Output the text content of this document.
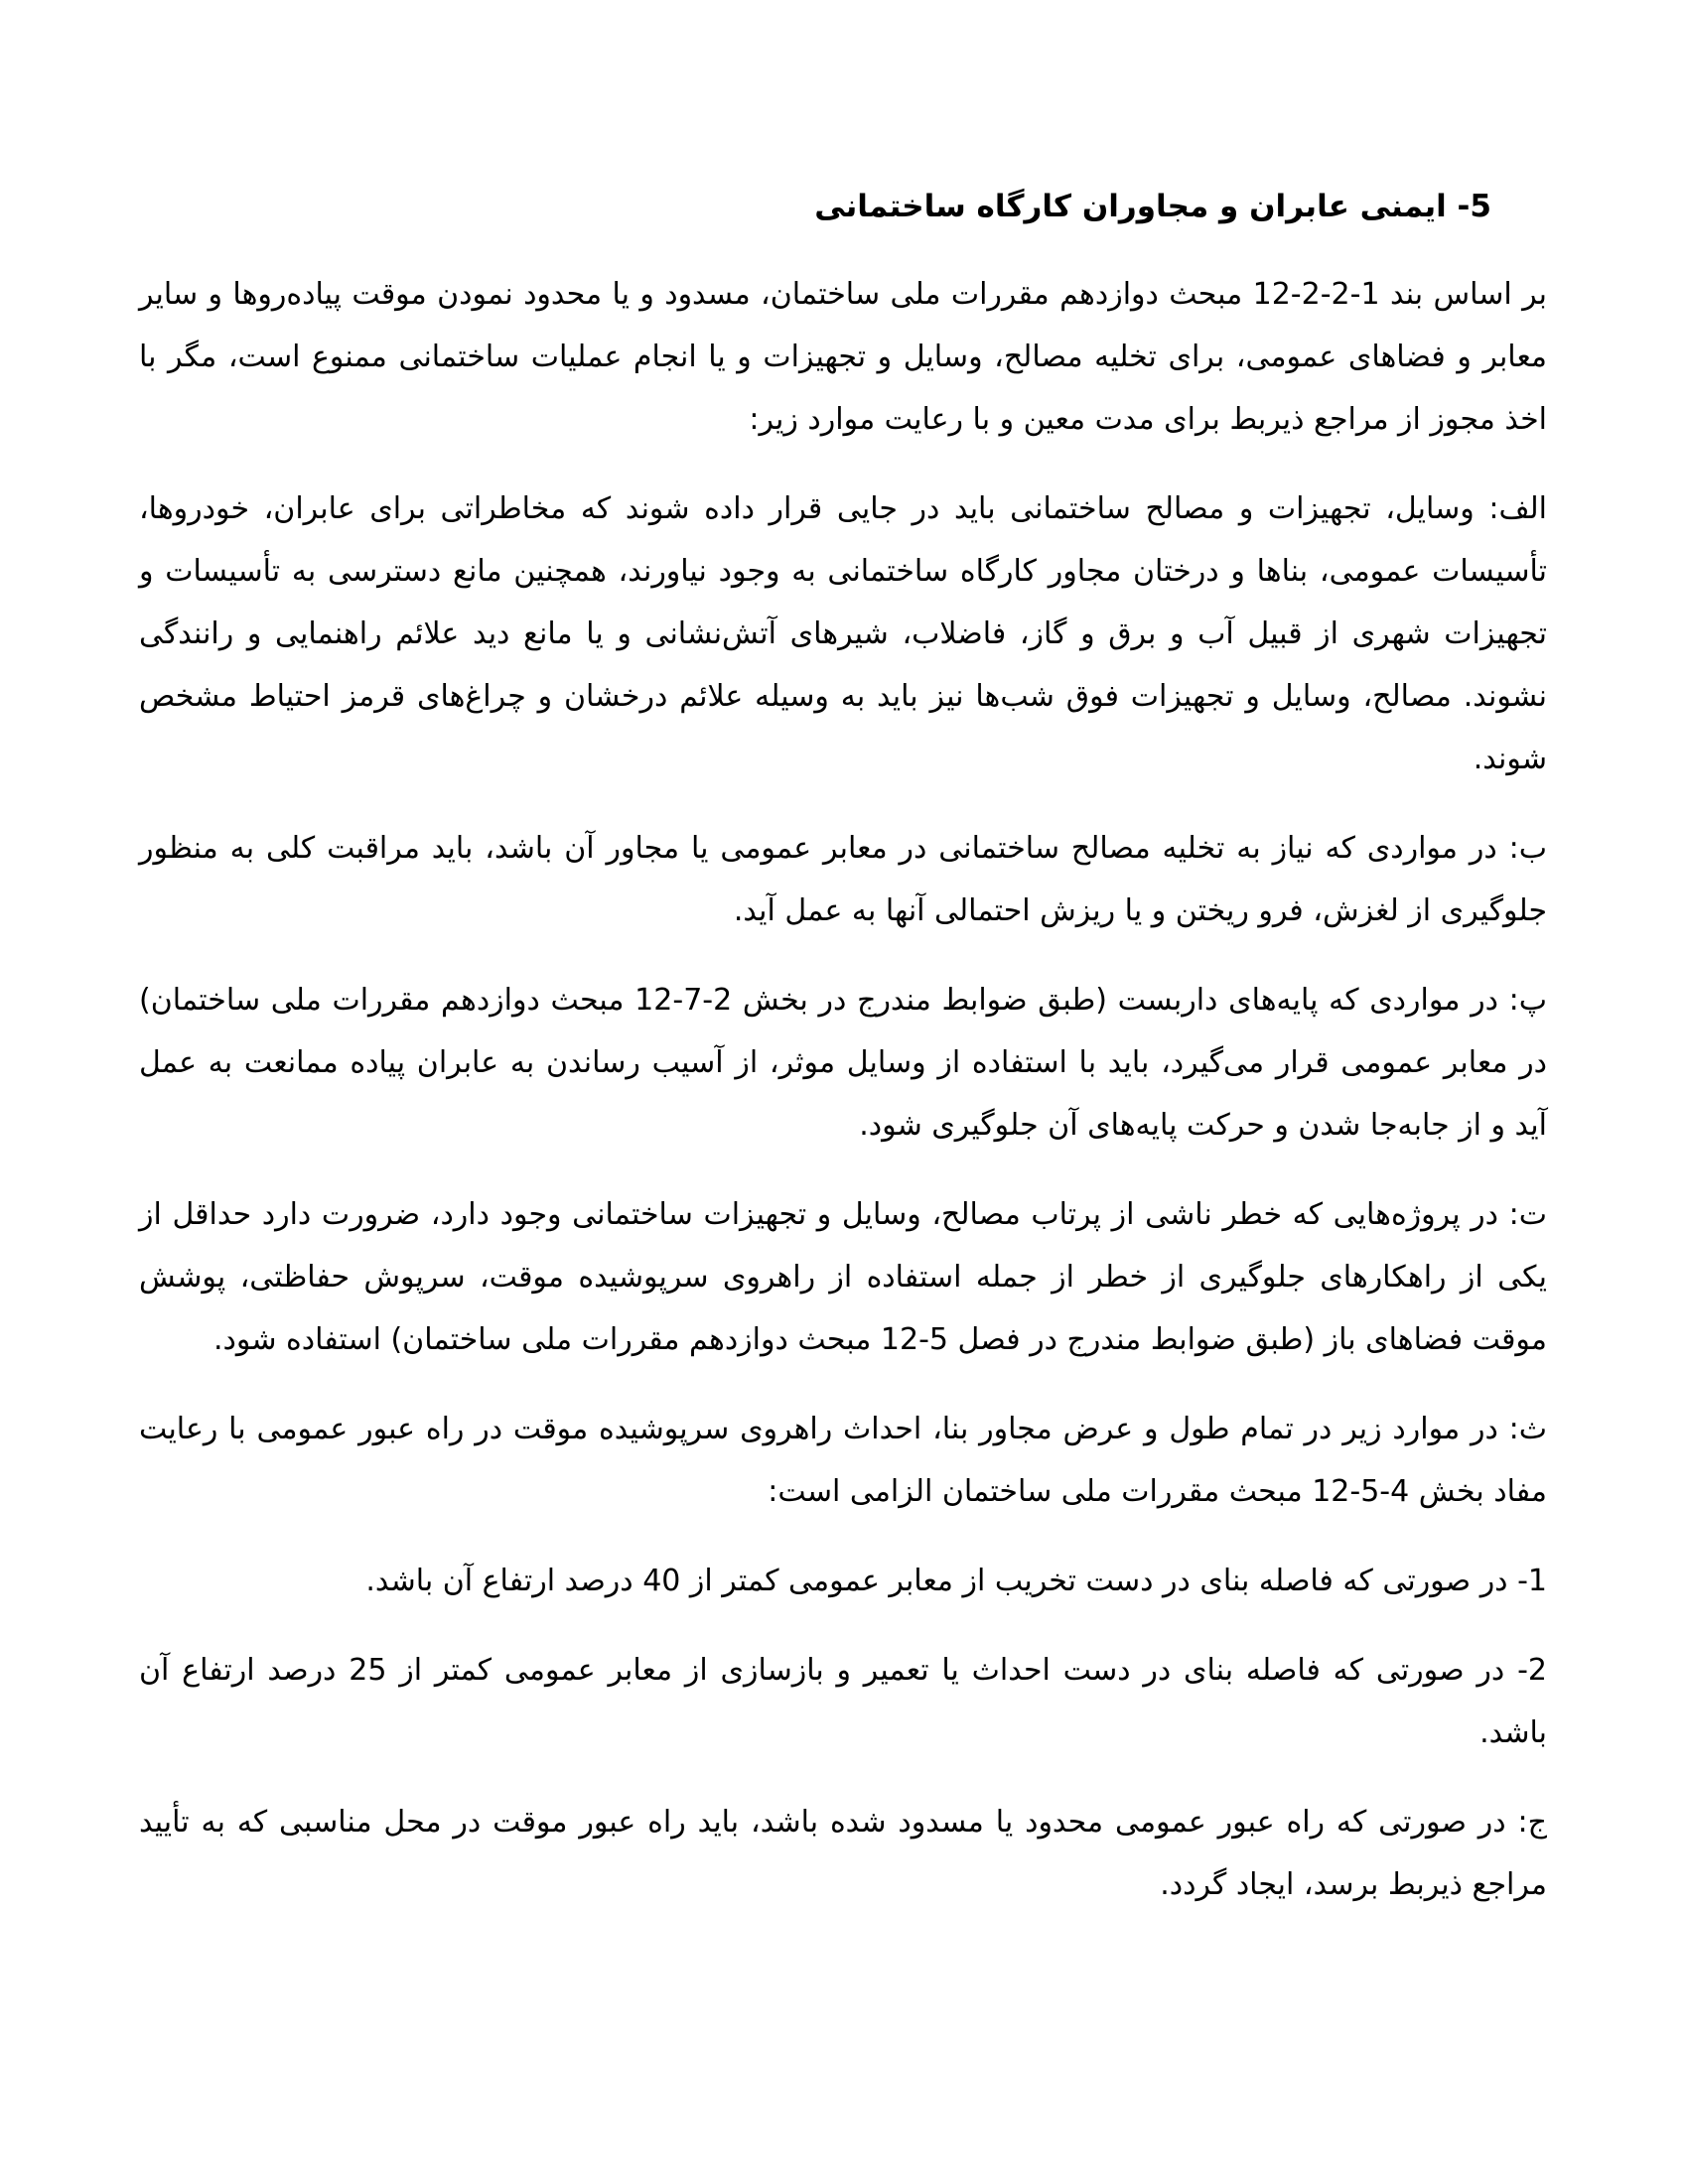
5- ایمنی عابران و مجاوران کارگاه ساختمانی

بر اساس بند 1-2-2-12 مبحث دوازدهم مقررات ملی ساختمان، مسدود و یا محدود نمودن موقت پیاده‌روها و سایر معابر و فضاهای عمومی، برای تخلیه مصالح، وسایل و تجهیزات و یا انجام عملیات ساختمانی ممنوع است، مگر با اخذ مجوز از مراجع ذیربط برای مدت معین و با رعایت موارد زیر:

الف: وسایل، تجهیزات و مصالح ساختمانی باید در جایی قرار داده شوند که مخاطراتی برای عابران، خودروها، تأسیسات عمومی، بناها و درختان مجاور کارگاه ساختمانی به وجود نیاورند، همچنین مانع دسترسی به تأسیسات و تجهیزات شهری از قبیل آب و برق و گاز، فاضلاب، شیرهای آتش‌نشانی و یا مانع دید علائم راهنمایی و رانندگی نشوند. مصالح، وسایل و تجهیزات فوق شب‌ها نیز باید به وسیله علائم درخشان و چراغ‌های قرمز احتیاط مشخص شوند.

ب: در مواردی که نیاز به تخلیه مصالح ساختمانی در معابر عمومی یا مجاور آن باشد، باید مراقبت کلی به منظور جلوگیری از لغزش، فرو ریختن و یا ریزش احتمالی آنها به عمل آید.

پ: در مواردی که پایه‌های داربست (طبق ضوابط مندرج در بخش 2-7-12 مبحث دوازدهم مقررات ملی ساختمان) در معابر عمومی قرار می‌گیرد، باید با استفاده از وسایل موثر، از آسیب رساندن به عابران پیاده ممانعت به عمل آید و از جابه‌جا شدن و حرکت پایه‌های آن جلوگیری شود.

ت: در پروژه‌هایی که خطر ناشی از پرتاب مصالح، وسایل و تجهیزات ساختمانی وجود دارد، ضرورت دارد حداقل از یکی از راهکارهای جلوگیری از خطر از جمله استفاده از راهروی سرپوشیده موقت، سرپوش حفاظتی، پوشش موقت فضاهای باز (طبق ضوابط مندرج در فصل 5-12 مبحث دوازدهم مقررات ملی ساختمان) استفاده شود.

ث: در موارد زیر در تمام طول و عرض مجاور بنا، احداث راهروی سرپوشیده موقت در راه عبور عمومی با رعایت مفاد بخش 4-5-12 مبحث مقررات ملی ساختمان الزامی است:

1- در صورتی که فاصله بنای در دست تخریب از معابر عمومی کمتر از 40 درصد ارتفاع آن باشد.

2- در صورتی که فاصله بنای در دست احداث یا تعمیر و بازسازی از معابر عمومی کمتر از 25 درصد ارتفاع آن باشد.

ج: در صورتی که راه عبور عمومی محدود یا مسدود شده باشد، باید راه عبور موقت در محل مناسبی که به تأیید مراجع ذیربط برسد، ایجاد گردد.
